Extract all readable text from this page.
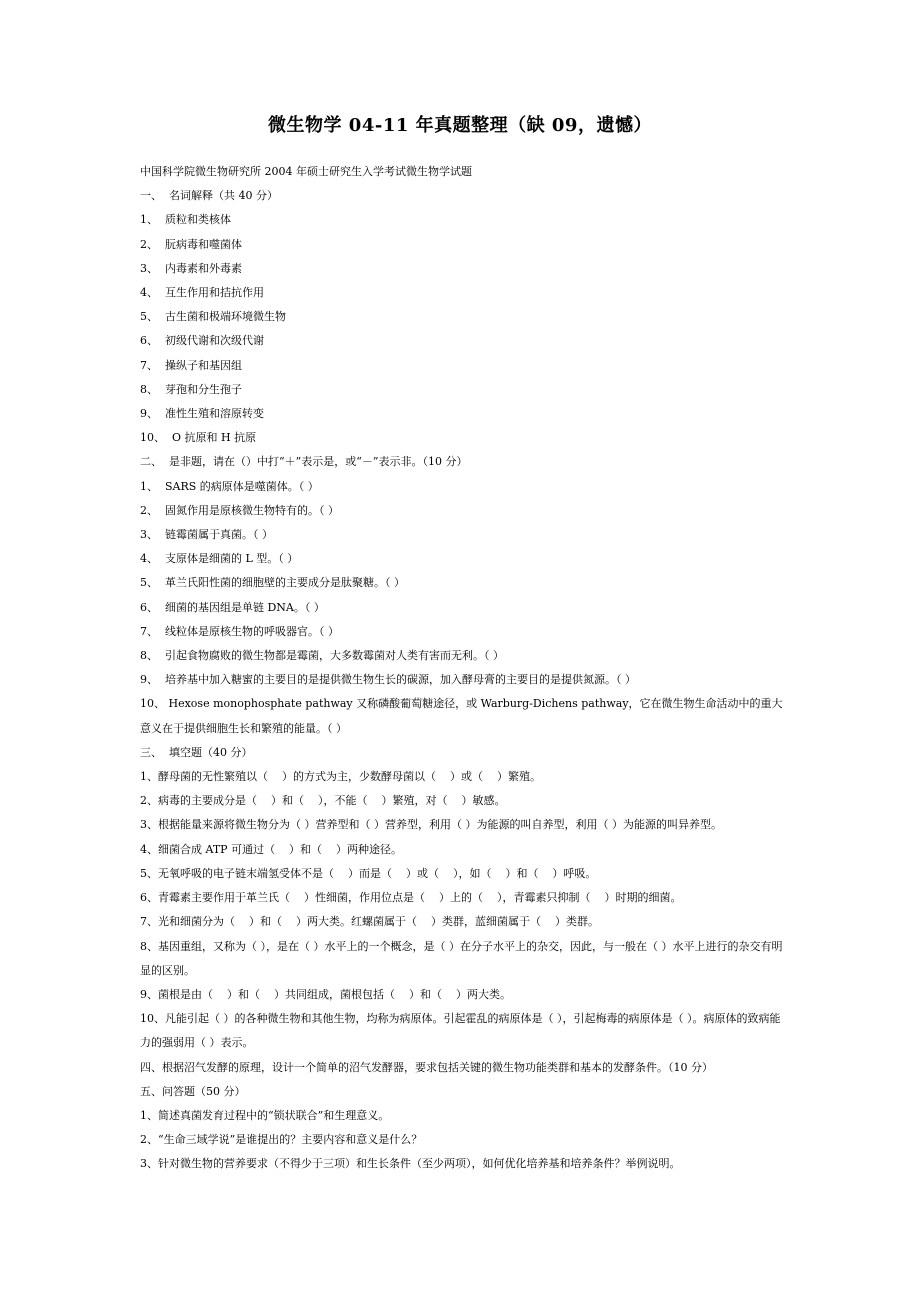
微生物学 04-11 年真题整理（缺 09，遗憾）

中国科学院微生物研究所 2004 年硕士研究生入学考试微生物学试题

一、  名词解释（共 40 分）

1、  质粒和类核体

2、  朊病毒和噬菌体

3、  内毒素和外毒素

4、  互生作用和拮抗作用

5、  古生菌和极端环境微生物

6、  初级代谢和次级代谢

7、  操纵子和基因组

8、  芽孢和分生孢子

9、  准性生殖和溶原转变

10、  O 抗原和 H 抗原

二、  是非题，请在（）中打“＋”表示是，或“－”表示非。（10 分）

1、  SARS 的病原体是噬菌体。（ ）

2、  固氮作用是原核微生物特有的。（ ）

3、  链霉菌属于真菌。（ ）

4、  支原体是细菌的 L 型。（ ）

5、  革兰氏阳性菌的细胞壁的主要成分是肽聚糖。（ ）

6、  细菌的基因组是单链 DNA。（ ）

7、  线粒体是原核生物的呼吸器官。（ ）

8、  引起食物腐败的微生物都是霉菌，大多数霉菌对人类有害而无利。（ ）

9、  培养基中加入糖蜜的主要目的是提供微生物生长的碳源，加入酵母膏的主要目的是提供氮源。（ ）

10、 Hexose monophosphate pathway 又称磷酸葡萄糖途径，或 Warburg-Dichens pathway，它在微生物生命活动中的重大意义在于提供细胞生长和繁殖的能量。（ ）

三、  填空题（40 分）

1、酵母菌的无性繁殖以（    ）的方式为主，少数酵母菌以（    ）或（    ）繁殖。

2、病毒的主要成分是（    ）和（    ），不能（    ）繁殖，对（    ）敏感。

3、根据能量来源将微生物分为（ ）营养型和（ ）营养型，利用（ ）为能源的叫自养型，利用（ ）为能源的叫异养型。

4、细菌合成 ATP 可通过（    ）和（    ）两种途径。

5、无氧呼吸的电子链末端氢受体不是（    ）而是（    ）或（    ），如（    ）和（    ）呼吸。

6、青霉素主要作用于革兰氏（    ）性细菌，作用位点是（    ）上的（    ），青霉素只抑制（    ）时期的细菌。

7、光和细菌分为（    ）和（    ）两大类。红螺菌属于（    ）类群，蓝细菌属于（    ）类群。

8、基因重组，又称为（ ），是在（ ）水平上的一个概念，是（ ）在分子水平上的杂交，因此，与一般在（ ）水平上进行的杂交有明显的区别。

9、菌根是由（    ）和（    ）共同组成，菌根包括（    ）和（    ）两大类。

10、凡能引起（ ）的各种微生物和其他生物，均称为病原体。引起霍乱的病原体是（ ），引起梅毒的病原体是（ ）。病原体的致病能力的强弱用（ ）表示。

四、根据沼气发酵的原理，设计一个简单的沼气发酵器，要求包括关键的微生物功能类群和基本的发酵条件。（10 分）

五、问答题（50 分）

1、简述真菌发育过程中的“锁状联合”和生理意义。

2、“生命三域学说”是谁提出的？主要内容和意义是什么？

3、针对微生物的营养要求（不得少于三项）和生长条件（至少两项），如何优化培养基和培养条件？举例说明。
